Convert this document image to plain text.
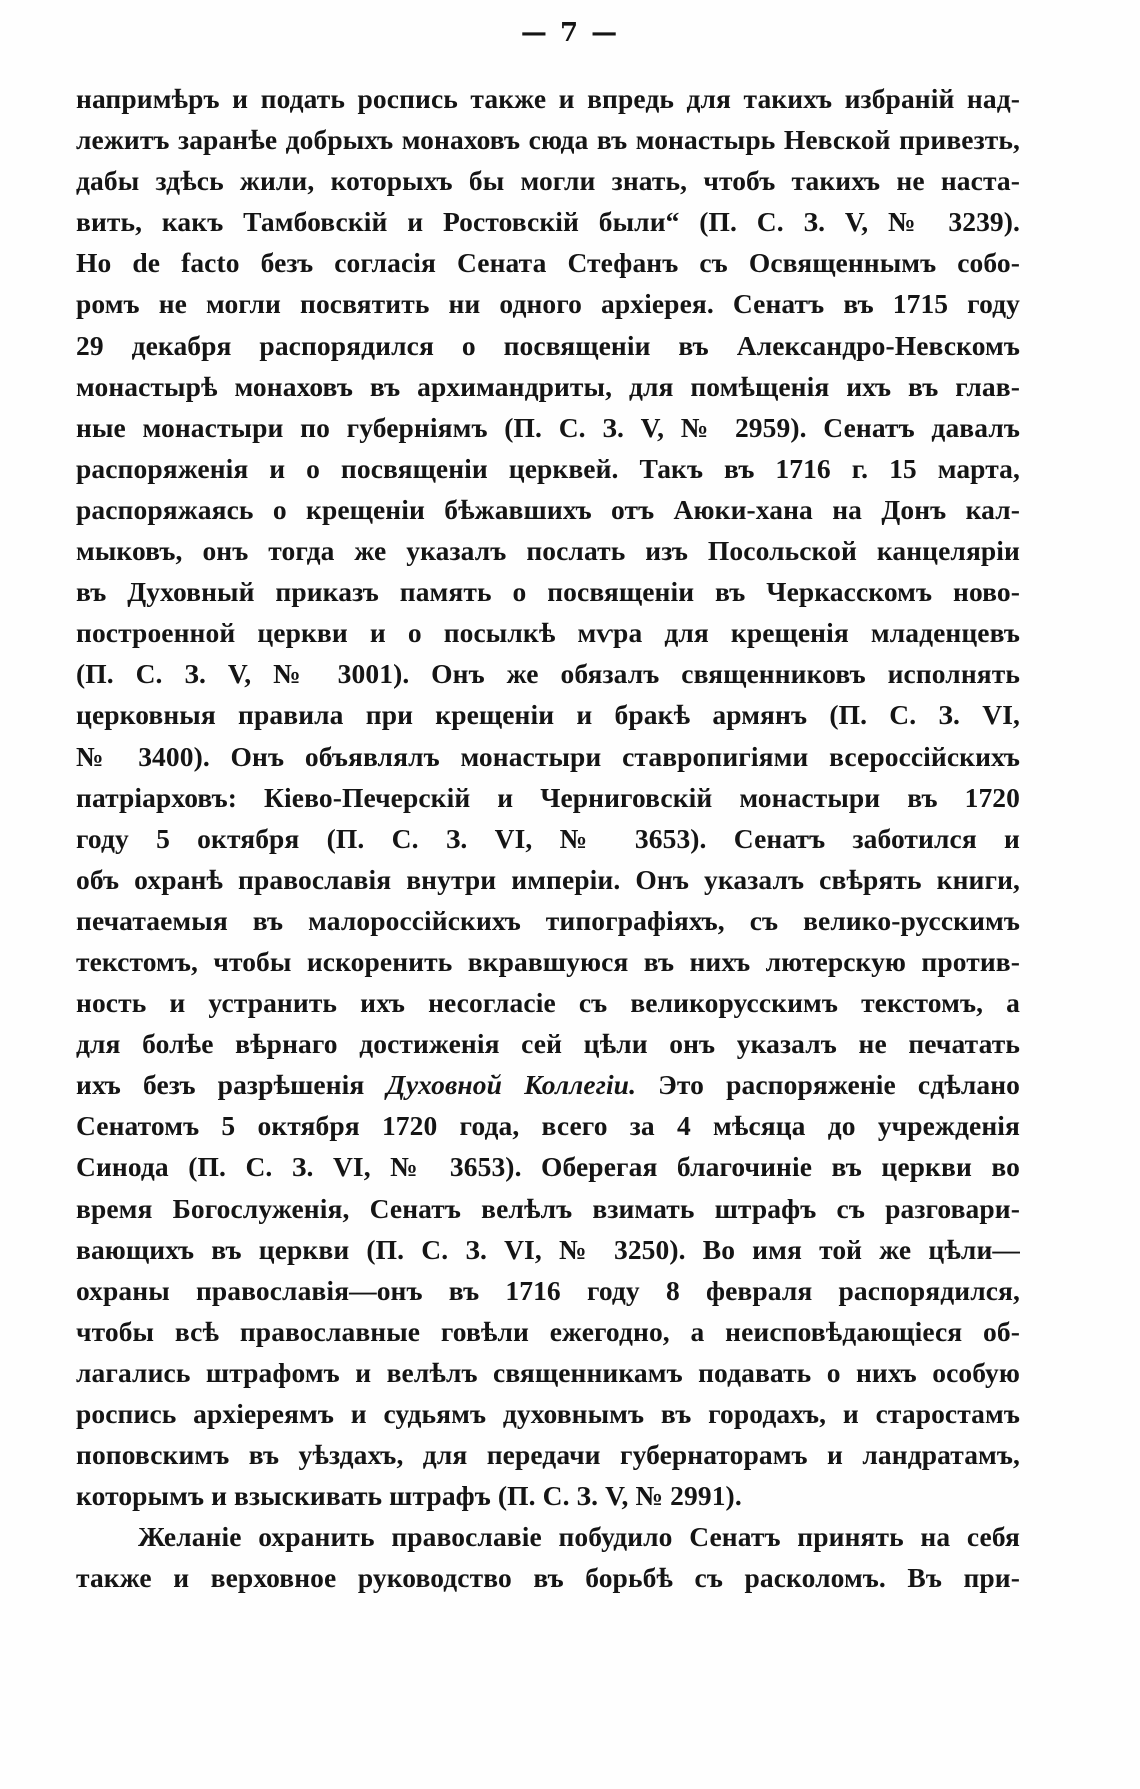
— 7 —
напримѣръ и подать роспись также и впредь для такихъ избраній над-
лежитъ заранѣе добрыхъ монаховъ сюда въ монастырь Невской привезть,
дабы здѣсь жили, которыхъ бы могли знать, чтобъ такихъ не наста-
вить, какъ Тамбовскій и Ростовскій были“ (П. С. З. V, № 3239).
Но de facto безъ согласія Сената Стефанъ съ Освященнымъ собо-
ромъ не могли посвятить ни одного архіерея. Сенатъ въ 1715 году
29 декабря распорядился о посвященіи въ Александро-Невскомъ
монастырѣ монаховъ въ архимандриты, для помѣщенія ихъ въ глав-
ные монастыри по губерніямъ (П. С. З. V, № 2959). Сенатъ давалъ
распоряженія и о посвященіи церквей. Такъ въ 1716 г. 15 марта,
распоряжаясь о крещеніи бѣжавшихъ отъ Аюки-хана на Донъ кал-
мыковъ, онъ тогда же указалъ послать изъ Посольской канцеляріи
въ Духовный приказъ память о посвященіи въ Черкасскомъ ново-
построенной церкви и о посылкѣ мѵра для крещенія младенцевъ
(П. С. З. V, № 3001). Онъ же обязалъ священниковъ исполнять
церковныя правила при крещеніи и бракѣ армянъ (П. С. З. VI,
№ 3400). Онъ объявлялъ монастыри ставропигіями всероссійскихъ
патріарховъ: Кіево-Печерскій и Черниговскій монастыри въ 1720
году 5 октября (П. С. З. VI, № 3653). Сенатъ заботился и
объ охранѣ православія внутри имперіи. Онъ указалъ свѣрять книги,
печатаемыя въ малороссійскихъ типографіяхъ, съ велико-русскимъ
текстомъ, чтобы искоренить вкравшуюся въ нихъ лютерскую против-
ность и устранить ихъ несогласіе съ великорусскимъ текстомъ, а
для болѣе вѣрнаго достиженія сей цѣли онъ указалъ не печатать
ихъ безъ разрѣшенія Духовной Коллегіи. Это распоряженіе сдѣлано
Сенатомъ 5 октября 1720 года, всего за 4 мѣсяца до учрежденія
Синода (П. С. З. VI, № 3653). Оберегая благочиніе въ церкви во
время Богослуженія, Сенатъ велѣлъ взимать штрафъ съ разговари-
вающихъ въ церкви (П. С. З. VI, № 3250). Во имя той же цѣли—
охраны православія—онъ въ 1716 году 8 февраля распорядился,
чтобы всѣ православные говѣли ежегодно, а неисповѣдающіеся об-
лагались штрафомъ и велѣлъ священникамъ подавать о нихъ особую
роспись архіереямъ и судьямъ духовнымъ въ городахъ, и старостамъ
поповскимъ въ уѣздахъ, для передачи губернаторамъ и ландратамъ,
которымъ и взыскивать штрафъ (П. С. З. V, № 2991).
Желаніе охранить православіе побудило Сенатъ принять на себя
также и верховное руководство въ борьбѣ съ расколомъ. Въ при-
